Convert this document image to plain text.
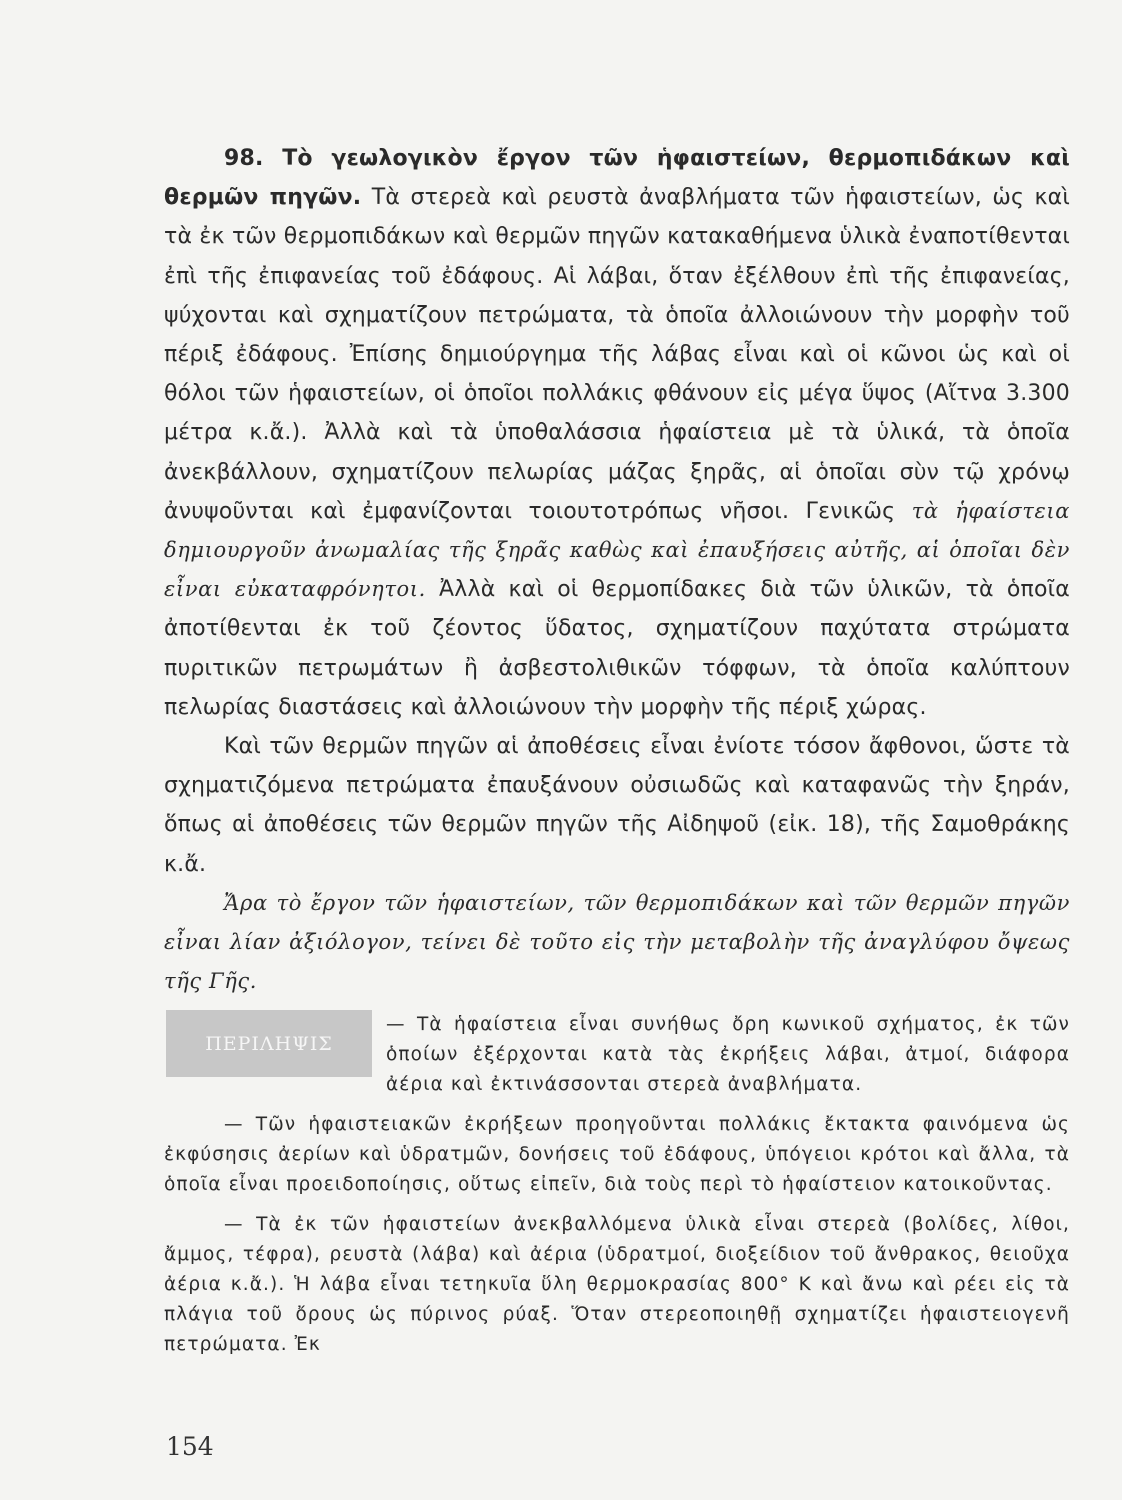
98. Τὸ γεωλογικὸν ἔργον τῶν ἡφαιστείων, θερμοπιδάκων καὶ θερμῶν πηγῶν. Τὰ στερεὰ καὶ ρευστὰ ἀναβλήματα τῶν ἡφαιστείων, ὡς καὶ τὰ ἐκ τῶν θερμοπιδάκων καὶ θερμῶν πηγῶν κατακαθήμενα ὑλικὰ ἐναποτίθενται ἐπὶ τῆς ἐπιφανείας τοῦ ἐδάφους. Αἱ λάβαι, ὅταν ἐξέλθουν ἐπὶ τῆς ἐπιφανείας, ψύχονται καὶ σχηματίζουν πετρώματα, τὰ ὁποῖα ἀλλοιώνουν τὴν μορφὴν τοῦ πέριξ ἐδάφους. Ἐπίσης δημιούργημα τῆς λάβας εἶναι καὶ οἱ κῶνοι ὡς καὶ οἱ θόλοι τῶν ἡφαιστείων, οἱ ὁποῖοι πολλάκις φθάνουν εἰς μέγα ὕψος (Αἴτνα 3.300 μέτρα κ.ἄ.). Ἀλλὰ καὶ τὰ ὑποθαλάσσια ἡφαίστεια μὲ τὰ ὑλικά, τὰ ὁποῖα ἀνεκβάλλουν, σχηματίζουν πελωρίας μάζας ξηρᾶς, αἱ ὁποῖαι σὺν τῷ χρόνῳ ἀνυψοῦνται καὶ ἐμφανίζονται τοιουτοτρόπως νῆσοι. Γενικῶς τὰ ἡφαίστεια δημιουργοῦν ἀνωμαλίας τῆς ξηρᾶς καθὼς καὶ ἐπαυξήσεις αὐτῆς, αἱ ὁποῖαι δὲν εἶναι εὐκαταφρόνητοι. Ἀλλὰ καὶ οἱ θερμοπίδακες διὰ τῶν ὑλικῶν, τὰ ὁποῖα ἀποτίθενται ἐκ τοῦ ζέοντος ὕδατος, σχηματίζουν παχύτατα στρώματα πυριτικῶν πετρωμάτων ἢ ἀσβεστολιθικῶν τόφφων, τὰ ὁποῖα καλύπτουν πελωρίας διαστάσεις καὶ ἀλλοιώνουν τὴν μορφὴν τῆς πέριξ χώρας.

Καὶ τῶν θερμῶν πηγῶν αἱ ἀποθέσεις εἶναι ἐνίοτε τόσον ἄφθονοι, ὥστε τὰ σχηματιζόμενα πετρώματα ἐπαυξάνουν οὐσιωδῶς καὶ καταφανῶς τὴν ξηράν, ὅπως αἱ ἀποθέσεις τῶν θερμῶν πηγῶν τῆς Αἰδηψοῦ (εἰκ. 18), τῆς Σαμοθράκης κ.ἄ.

Ἄρα τὸ ἔργον τῶν ἡφαιστείων, τῶν θερμοπιδάκων καὶ τῶν θερμῶν πηγῶν εἶναι λίαν ἀξιόλογον, τείνει δὲ τοῦτο εἰς τὴν μεταβολὴν τῆς ἀναγλύφου ὄψεως τῆς Γῆς.

ΠΕΡΙΛΗΨΙΣ

— Τὰ ἡφαίστεια εἶναι συνήθως ὄρη κωνικοῦ σχήματος, ἐκ τῶν ὁποίων ἐξέρχονται κατὰ τὰς ἐκρήξεις λάβαι, ἀτμοί, διάφορα ἀέρια καὶ ἐκτινάσσονται στερεὰ ἀναβλήματα.

— Τῶν ἡφαιστειακῶν ἐκρήξεων προηγοῦνται πολλάκις ἔκτακτα φαινόμενα ὡς ἐκφύσησις ἀερίων καὶ ὑδρατμῶν, δονήσεις τοῦ ἐδάφους, ὑπόγειοι κρότοι καὶ ἄλλα, τὰ ὁποῖα εἶναι προειδοποίησις, οὕτως εἰπεῖν, διὰ τοὺς περὶ τὸ ἡφαίστειον κατοικοῦντας.

— Τὰ ἐκ τῶν ἡφαιστείων ἀνεκβαλλόμενα ὑλικὰ εἶναι στερεὰ (βολίδες, λίθοι, ἄμμος, τέφρα), ρευστὰ (λάβα) καὶ ἀέρια (ὑδρατμοί, διοξείδιον τοῦ ἄνθρακος, θειοῦχα ἀέρια κ.ἄ.). Ἡ λάβα εἶναι τετηκυῖα ὕλη θερμοκρασίας 800° Κ καὶ ἄνω καὶ ρέει εἰς τὰ πλάγια τοῦ ὄρους ὡς πύρινος ρύαξ. Ὅταν στερεοποιηθῇ σχηματίζει ἡφαιστειογενῆ πετρώματα. Ἐκ

154
